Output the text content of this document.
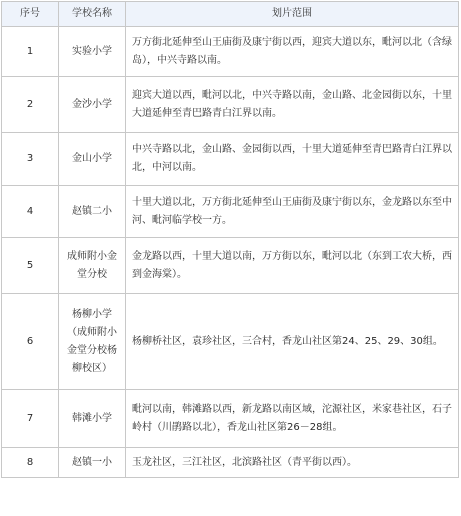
序号	学校名称	划片范围
1	实验小学	万方街北延伸至山王庙街及康宁街以西，迎宾大道以东，毗河以北（含绿岛），中兴寺路以南。
2	金沙小学	迎宾大道以西，毗河以北，中兴寺路以南，金山路、北金园街以东，十里大道延伸至青巴路青白江界以南。
3	金山小学	中兴寺路以北，金山路、金园街以西，十里大道延伸至青巴路青白江界以北，中河以南。
4	赵镇二小	十里大道以北，万方街北延伸至山王庙街及康宁街以东，金龙路以东至中河、毗河临学校一方。
5	成师附小金堂分校	金龙路以西，十里大道以南，万方街以东，毗河以北（东到工农大桥，西到金海棠）。
6	杨柳小学（成师附小金堂分校杨柳校区）	杨柳桥社区，袁珍社区，三合村，香龙山社区第24、25、29、30组。
7	韩滩小学	毗河以南，韩滩路以西，新龙路以南区域，沱源社区，米家巷社区，石子岭村（川鹃路以北），香龙山社区第26－28组。
8	赵镇一小	玉龙社区，三江社区，北滨路社区（青平街以西）。
